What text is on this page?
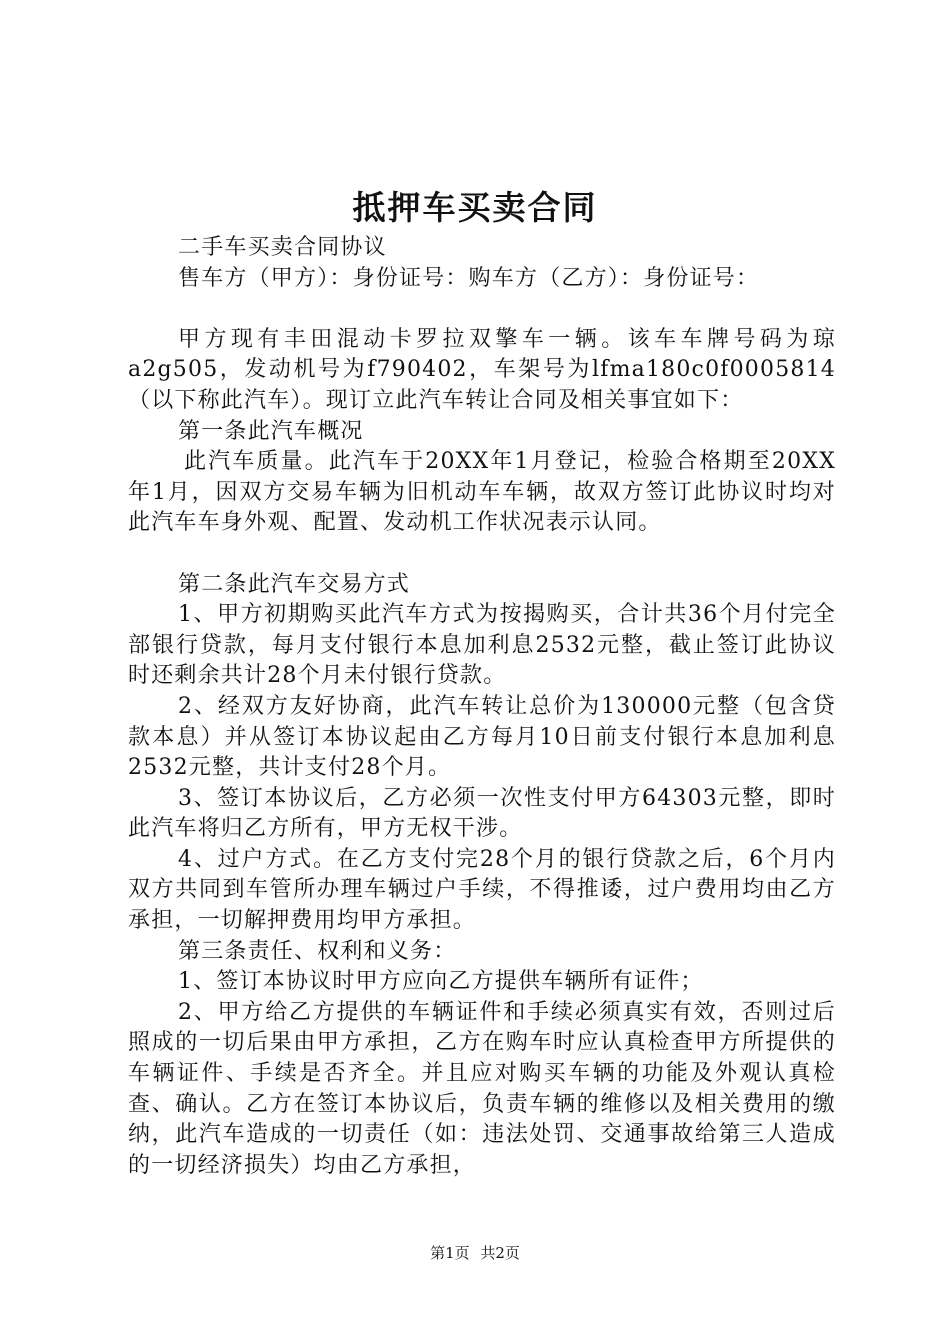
抵押车买卖合同

二手车买卖合同协议

售车方（甲方）：身份证号：购车方（乙方）：身份证号：

甲方现有丰田混动卡罗拉双擎车一辆。该车车牌号码为琼a2g505，发动机号为f790402，车架号为lfma180c0f0005814（以下称此汽车）。现订立此汽车转让合同及相关事宜如下：

第一条此汽车概况

此汽车质量。此汽车于20XX年1月登记，检验合格期至20XX年1月，因双方交易车辆为旧机动车车辆，故双方签订此协议时均对此汽车车身外观、配置、发动机工作状况表示认同。

第二条此汽车交易方式

1、甲方初期购买此汽车方式为按揭购买，合计共36个月付完全部银行贷款，每月支付银行本息加利息2532元整，截止签订此协议时还剩余共计28个月未付银行贷款。

2、经双方友好协商，此汽车转让总价为130000元整（包含贷款本息）并从签订本协议起由乙方每月10日前支付银行本息加利息2532元整，共计支付28个月。

3、签订本协议后，乙方必须一次性支付甲方64303元整，即时此汽车将归乙方所有，甲方无权干涉。

4、过户方式。在乙方支付完28个月的银行贷款之后，6个月内双方共同到车管所办理车辆过户手续，不得推诿，过户费用均由乙方承担，一切解押费用均甲方承担。

第三条责任、权利和义务：

1、签订本协议时甲方应向乙方提供车辆所有证件；

2、甲方给乙方提供的车辆证件和手续必须真实有效，否则过后照成的一切后果由甲方承担，乙方在购车时应认真检查甲方所提供的车辆证件、手续是否齐全。并且应对购买车辆的功能及外观认真检查、确认。乙方在签订本协议后，负责车辆的维修以及相关费用的缴纳，此汽车造成的一切责任（如：违法处罚、交通事故给第三人造成的一切经济损失）均由乙方承担，

第1页 共2页
